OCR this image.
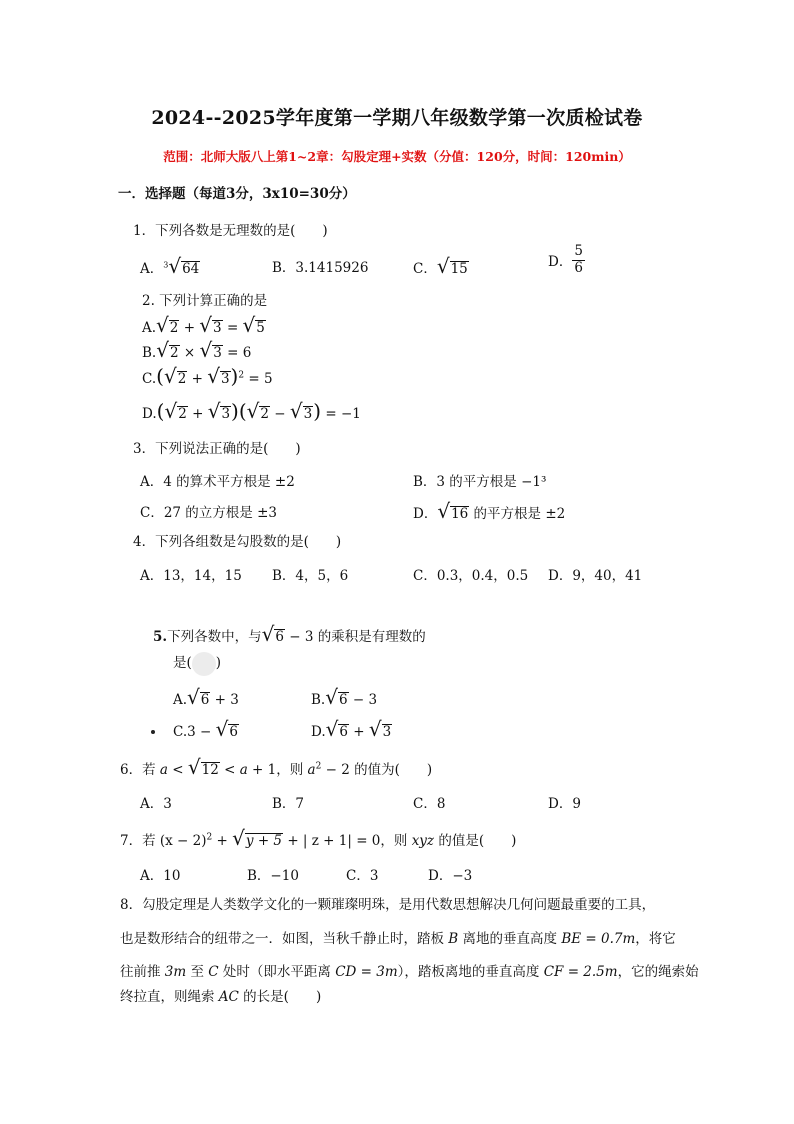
2024--2025学年度第一学期八年级数学第一次质检试卷
范围：北师大版八上第1~2章：勾股定理+实数（分值：120分，时间：120min）
一．选择题（每道3分，3x10=30分）
1．下列各数是无理数的是(　　)
A．$^3$√64	B．3.1415926	C．√15	D． $\frac{5}{6}$
2. 下列计算正确的是
A.√2 + √3 = √5
B.√2 × √3 = 6
$C.(√2 + √3)^2 = 5$
D.(√2 + √3)(√2 − √3) = −1
3．下列说法正确的是(　　)
A．4 的算术平方根是 ±2	B．3 的平方根是 −1³
C．27 的立方根是 ±3	D．√16 的平方根是 ±2
4．下列各组数是勾股数的是(　　)
A．13，14，15 B．4，5，6	C．0.3，0.4，0.5 D．9，40，41
5.下列各数中，与√6 − 3 的乘积是有理数的
是( )
A.√6 + 3	B.√6 − 3
C.3 − √6	D.√6 + √3
6．若 a < √12 < a + 1，则 $a^2 - 2$ 的值为(　　)
A．3	B．7	C．8	D．9
7．若 $(x - 2)^2 + √y + 5$ + | z + 1| = 0，则 xyz 的值是(　　)
A．10	B．−10	C．3	D．−3
8．勾股定理是人类数学文化的一颗璀璨明珠，是用代数思想解决几何问题最重要的工具，
也是数形结合的纽带之一．如图，当秋千静止时，踏板 B 离地的垂直高度 BE = 0.7m，将它
往前推 3m 至 C 处时（即水平距离 CD = 3m），踏板离地的垂直高度 CF = 2.5m，它的绳索始
终拉直，则绳索 AC 的长是(　　)
